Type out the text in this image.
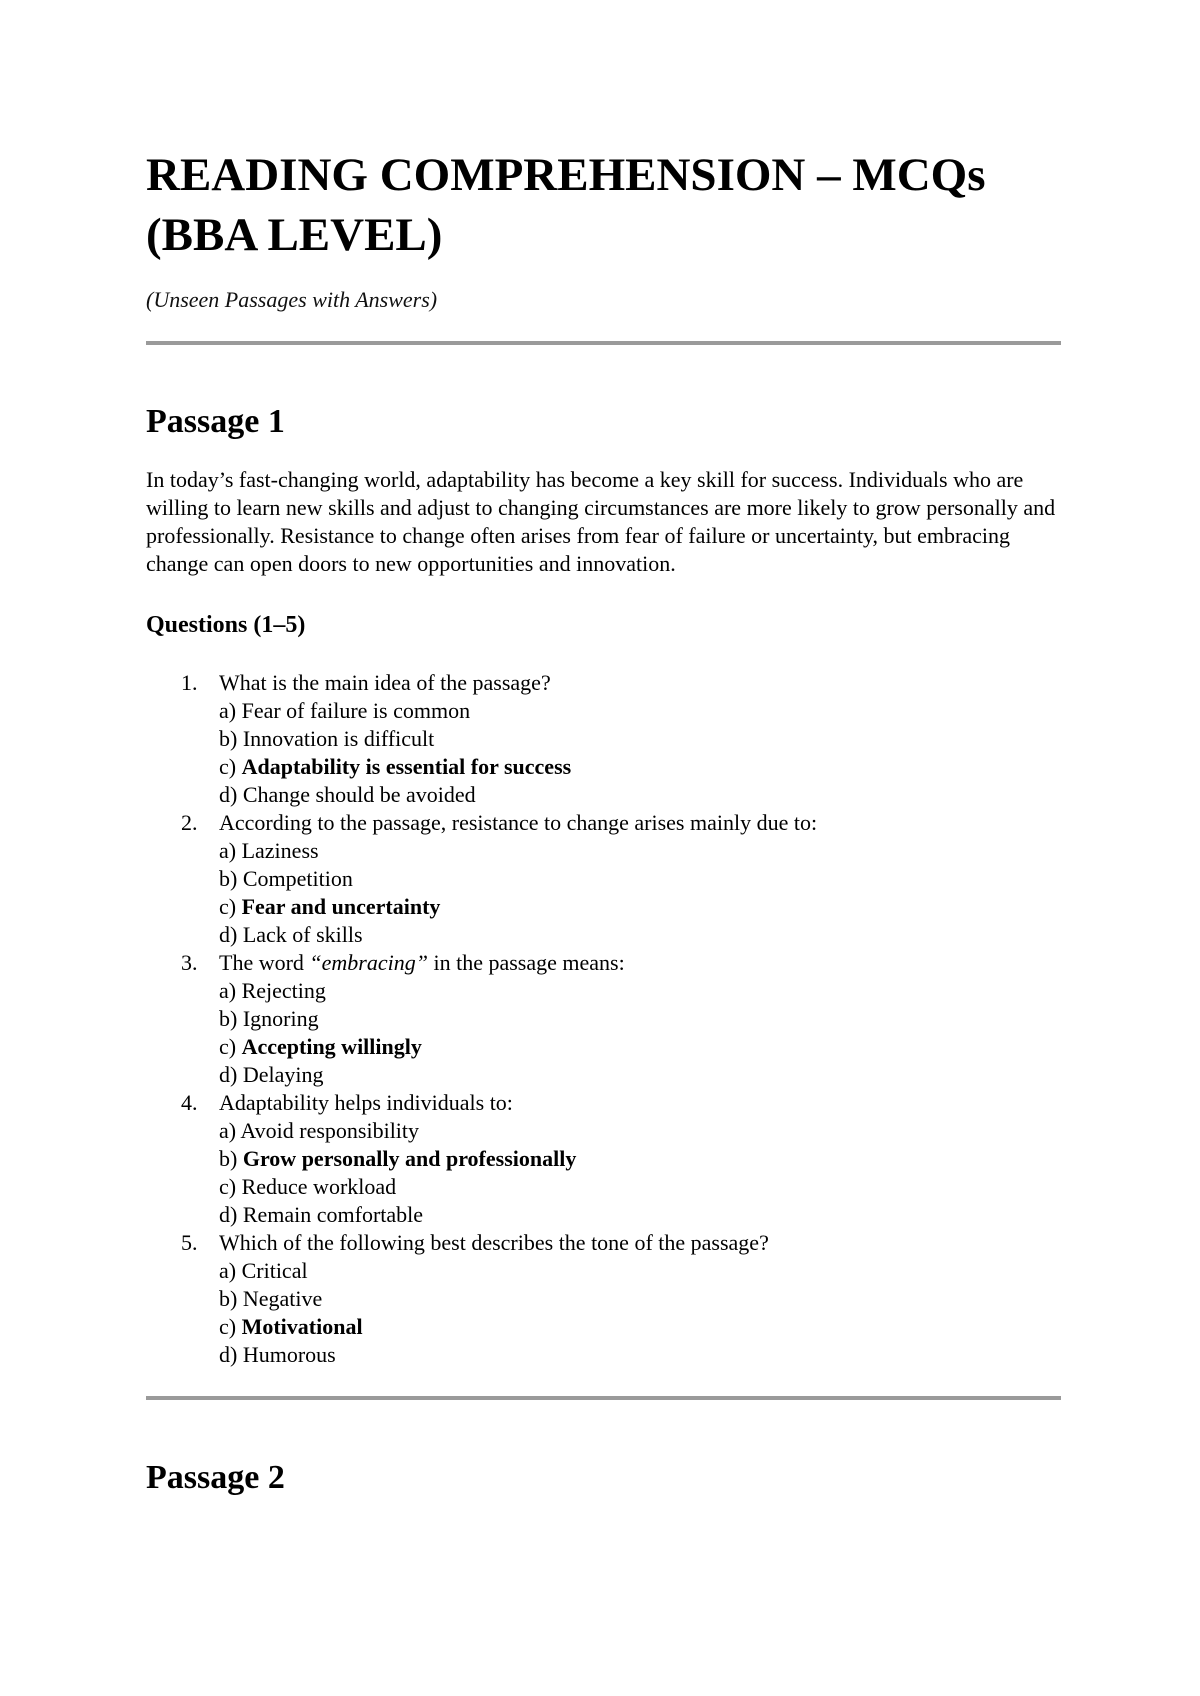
READING COMPREHENSION – MCQs (BBA LEVEL)

(Unseen Passages with Answers)

Passage 1

In today’s fast-changing world, adaptability has become a key skill for success. Individuals who are willing to learn new skills and adjust to changing circumstances are more likely to grow personally and professionally. Resistance to change often arises from fear of failure or uncertainty, but embracing change can open doors to new opportunities and innovation.

Questions (1–5)
1. What is the main idea of the passage?
a) Fear of failure is common
b) Innovation is difficult
c) Adaptability is essential for success
d) Change should be avoided
2. According to the passage, resistance to change arises mainly due to:
a) Laziness
b) Competition
c) Fear and uncertainty
d) Lack of skills
3. The word “embracing” in the passage means:
a) Rejecting
b) Ignoring
c) Accepting willingly
d) Delaying
4. Adaptability helps individuals to:
a) Avoid responsibility
b) Grow personally and professionally
c) Reduce workload
d) Remain comfortable
5. Which of the following best describes the tone of the passage?
a) Critical
b) Negative
c) Motivational
d) Humorous
Passage 2
